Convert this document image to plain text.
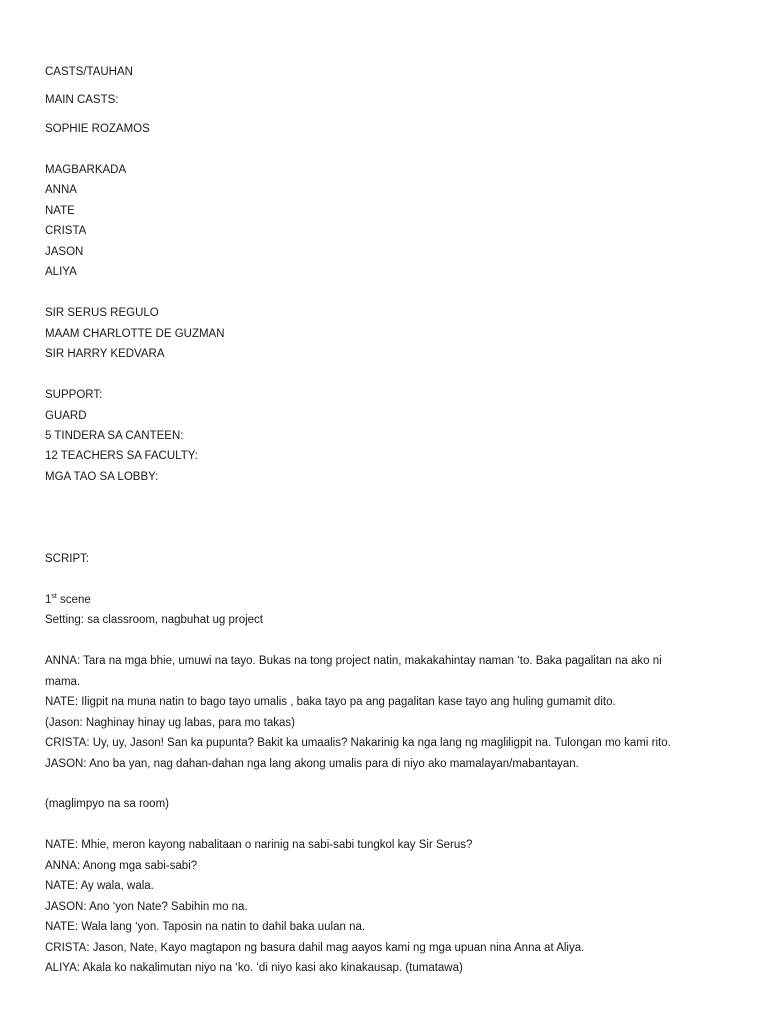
CASTS/TAUHAN

MAIN CASTS:

SOPHIE ROZAMOS

MAGBARKADA

ANNA

NATE

CRISTA

JASON

ALIYA

SIR SERUS REGULO

MAAM CHARLOTTE DE GUZMAN

SIR HARRY KEDVARA

SUPPORT:

GUARD

5 TINDERA SA CANTEEN:

12 TEACHERS SA FACULTY:

MGA TAO SA LOBBY:

SCRIPT:

1st scene

Setting: sa classroom, nagbuhat ug project

ANNA: Tara na mga bhie, umuwi na tayo. Bukas na tong project natin, makakahintay naman ‘to. Baka pagalitan na ako ni

mama.

NATE: Iligpit na muna natin to bago tayo umalis , baka tayo pa ang pagalitan kase tayo ang huling gumamit dito.

(Jason: Naghinay hinay ug labas, para mo takas)

CRISTA: Uy, uy, Jason! San ka pupunta? Bakit ka umaalis? Nakarinig ka nga lang ng magliligpit na. Tulongan mo kami rito.

JASON: Ano ba yan, nag dahan-dahan nga lang akong umalis para di niyo ako mamalayan/mabantayan.

(maglimpyo na sa room)

NATE: Mhie, meron kayong nabalitaan o narinig na sabi-sabi tungkol kay Sir Serus?

ANNA: Anong mga sabi-sabi?

NATE: Ay wala, wala.

JASON: Ano ‘yon Nate? Sabihin mo na.

NATE: Wala lang ‘yon. Taposin na natin to dahil baka uulan na.

CRISTA: Jason, Nate, Kayo magtapon ng basura dahil mag aayos kami ng mga upuan nina Anna at Aliya.

ALIYA: Akala ko nakalimutan niyo na ‘ko. ‘di niyo kasi ako kinakausap. (tumatawa)
